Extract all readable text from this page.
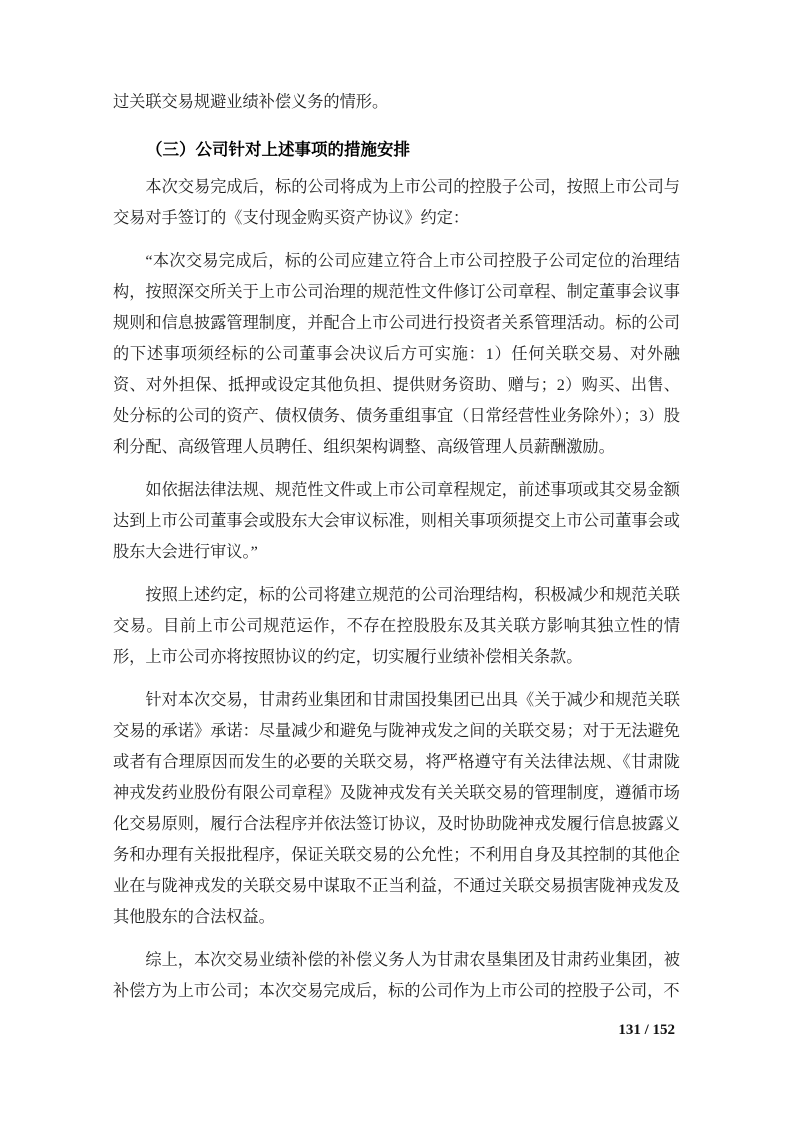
过关联交易规避业绩补偿义务的情形。

（三）公司针对上述事项的措施安排

本次交易完成后，标的公司将成为上市公司的控股子公司，按照上市公司与交易对手签订的《支付现金购买资产协议》约定：

“本次交易完成后，标的公司应建立符合上市公司控股子公司定位的治理结构，按照深交所关于上市公司治理的规范性文件修订公司章程、制定董事会议事规则和信息披露管理制度，并配合上市公司进行投资者关系管理活动。标的公司的下述事项须经标的公司董事会决议后方可实施：1）任何关联交易、对外融资、对外担保、抵押或设定其他负担、提供财务资助、赠与；2）购买、出售、处分标的公司的资产、债权债务、债务重组事宜（日常经营性业务除外）；3）股利分配、高级管理人员聘任、组织架构调整、高级管理人员薪酬激励。

如依据法律法规、规范性文件或上市公司章程规定，前述事项或其交易金额达到上市公司董事会或股东大会审议标准，则相关事项须提交上市公司董事会或股东大会进行审议。”

按照上述约定，标的公司将建立规范的公司治理结构，积极减少和规范关联交易。目前上市公司规范运作，不存在控股股东及其关联方影响其独立性的情形，上市公司亦将按照协议的约定，切实履行业绩补偿相关条款。

针对本次交易，甘肃药业集团和甘肃国投集团已出具《关于减少和规范关联交易的承诺》承诺：尽量减少和避免与陇神戎发之间的关联交易；对于无法避免或者有合理原因而发生的必要的关联交易，将严格遵守有关法律法规、《甘肃陇神戎发药业股份有限公司章程》及陇神戎发有关关联交易的管理制度，遵循市场化交易原则，履行合法程序并依法签订协议，及时协助陇神戎发履行信息披露义务和办理有关报批程序，保证关联交易的公允性；不利用自身及其控制的其他企业在与陇神戎发的关联交易中谋取不正当利益，不通过关联交易损害陇神戎发及其他股东的合法权益。

综上，本次交易业绩补偿的补偿义务人为甘肃农垦集团及甘肃药业集团，被补偿方为上市公司；本次交易完成后，标的公司作为上市公司的控股子公司，不

131 / 152
